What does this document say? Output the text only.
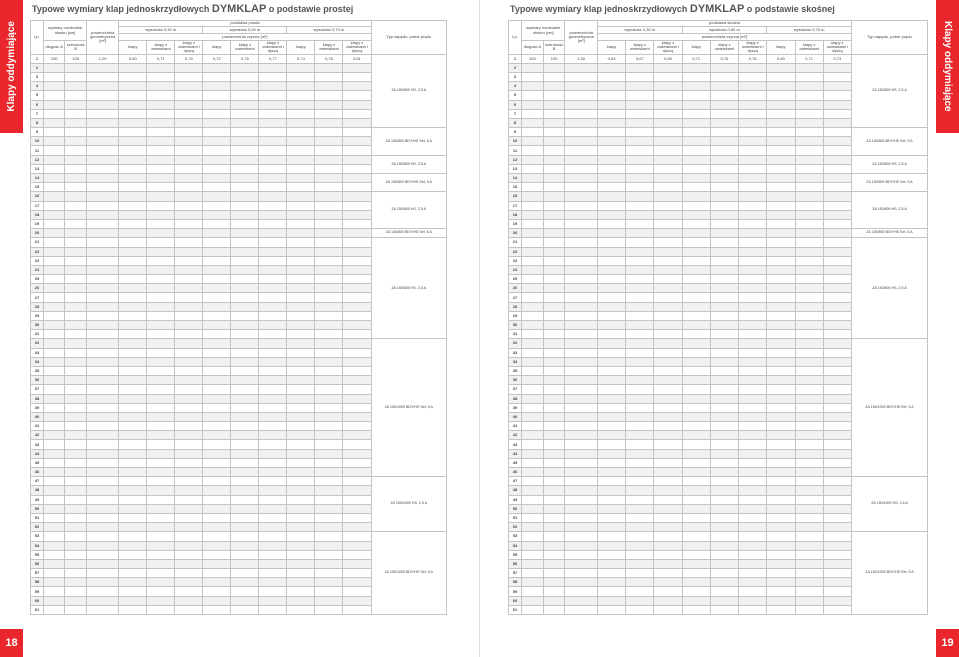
Klapy oddymiające
Typowe wymiary klap jednoskrzydłowych DYMKLAP o podstawie prostej
Lp.	wymiary nominalne otworu [cm]		powierzchnia geometryczna [m²]	podstawa prosta									Typ napędu, pobór prądu
				wysokość 0,30 m			wysokość 0,50 m			wysokość 0,70 m			
				powierzchnia czynna [m²]									
	długość A	szerokość B		klapy	klapy z owiewkami	klapy z owiewkami i dyszą	klapy	klapy z owiewkami	klapy z owiewkami i dyszą	klapy	klapy z owiewkami	klapy z owiewkami i dyszą	
1	100	100	1,00	0,60	0,71	0,74	0,72	0,76	0,77	0,74	0,78	0,81	ZA 150/800 HS, 2,5 A
2													
3													
4													
5													
6													
7													
8													
9													ZA 150/800 BDY/HS Set, 5 A
10													
11													
12													ZA 150/800 HS, 2,5 A
13													
14													ZA 150/800 BDY/HS Set, 5 A
15													
16													ZA 150/800 HS, 2,5 A
17													
18													
19													
20													ZA 150/800 BDY/HS Set, 5 A
21													ZA 150/800 HS, 2,5 A
22													
23													
24													
25													
26													
27													
28													
29													
30													
31													
32													ZA 150/1000 BDY/HS Set, 5 A
33													
34													
35													
36													
37													
38													
39													
40													
41													
42													
43													
44													
45													
46													
47													ZA 150/1000 HS, 2,5 A
48													
49													
50													
51													
52													
53													ZA 150/1000 BDY/HS Set, 5 A
54													
55													
56													
57													
58													
59													
60													
61													
18
Klapy oddymiające
Typowe wymiary klap jednoskrzydłowych DYMKLAP o podstawie skośnej
Lp.	wymiary nominalne otworu [cm]		powierzchnia geometryczna [m²]	podstawa skośna									Typ napędu, pobór prądu
				wysokość 0,30 m			wysokość 0,50 m			wysokość 0,70 m			
				powierzchnia czynna [m²]									
	długość A	szerokość B		klapy	klapy z owiewkami	klapy z owiewkami i dyszą	klapy	klapy z owiewkami	klapy z owiewkami i dyszą	klapy	klapy z owiewkami	klapy z owiewkami i dyszą	
1	100	100	1,00	0,63	0,67	0,69	0,71	0,76	0,76	0,69	0,71	0,73	ZA 150/800 HS, 2,5 A
2													
3													
4													
5													
6													
7													
8													
9													ZA 150/800 BDY/HS Set, 5 A
10													
11													
12													ZA 150/800 HS, 2,5 A
13													
14													ZA 150/800 BDY/HS Set, 5 A
15													
16													ZA 150/800 HS, 2,5 A
17													
18													
19													
20													ZA 150/800 BDY/HS Set, 5 A
21													ZA 150/800 HS, 2,5 A
22													
23													
24													
25													
26													
27													
28													
29													
30													
31													
32													ZA 150/1000 BDY/HS Set, 5 A
33													
34													
35													
36													
37													
38													
39													
40													
41													
42													
43													
44													
45													
46													
47													ZA 150/1000 HS, 2,5 A
48													
49													
50													
51													
52													
53													ZA 150/1000 BDY/HS Set, 5 A
54													
55													
56													
57													
58													
59													
60													
61													
19
